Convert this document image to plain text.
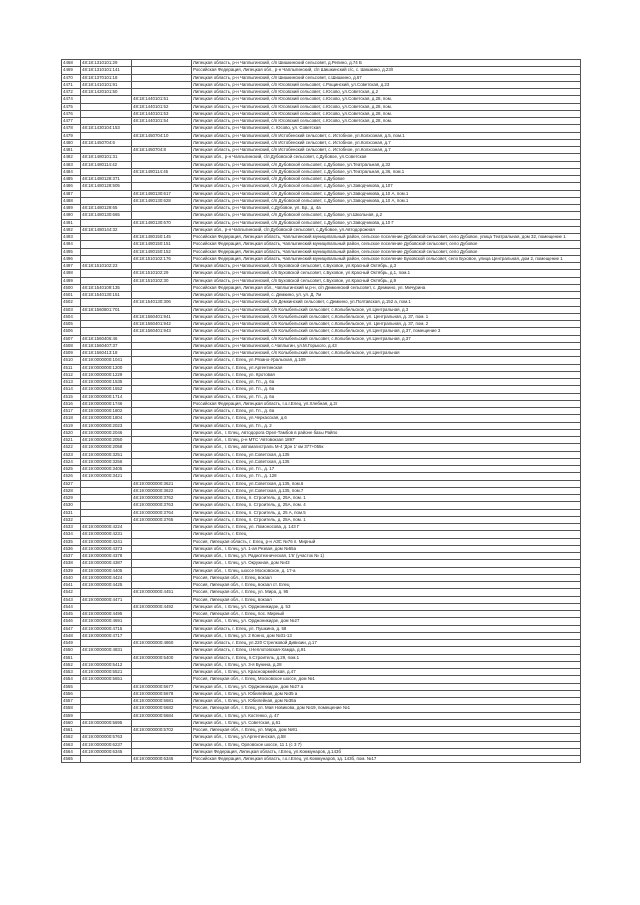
4468	48:18:1310101:29		Липецкая область, р-н Чаплыгинский, с/п Шишкинский сельсовет, д.Репино, д.74 Б
4469	48:18:1310101:141		Российская Федерация, Липецкая обл., р-н Чаплыгинский, с/п Шишкинский с/с, с. Шишкино, д.23/I
4470	48:18:1370101:18		Липецкая область, р-н Чаплыгинский, с/п Шишкинский сельсовет, с.Шишкино, д.67
4471	48:18:1410101:91		Липецкая область, р-н Чаплыгинский, с/п Юсовский сельсовет, с.Рощинский, ул.Советская, д.23
4472	48:18:1420101:50		Липецкая область, р-н Чаплыгинский, с/п Юсовский сельсовет, с.Юсово, ул.Советская, д.2
4474		48:18:1440101:51	Липецкая область, р-н Чаплыгинский, с/п Юсовский сельсовет, с.Юсово, ул.Советская, д.28, пом.
4475		48:18:1440101:52	Липецкая область, р-н Чаплыгинский, с/п Юсовский сельсовет, с.Юсово, ул.Советская, д.28, пом.
4476		48:18:1440101:53	Липецкая область, р-н Чаплыгинский, с/п Юсовский сельсовет, с.Юсово, ул.Советская, д.28, пом.
4477		48:18:1440101:54	Липецкая область, р-н Чаплыгинский, с/п Юсовский сельсовет, с.Юсово, ул.Советская, д.28, пом.
4478	48:18:1430104:153		Липецкая область, р-н Чаплыгинский, с. Юсово, ул. Советская
4479		48:18:1450704:10	Липецкая область, р-н Чаплыгинский, с/п Истобенский сельсовет, с. Истобное, ул.Колхозная, д.5, пом.1
4480	48:18:1450704:6		Липецкая область, р-н Чаплыгинский, с/п Истобенский сельсовет, с. Истобное, ул.Колхозная, д.7
4481		48:18:1450704:8	Липецкая область, р-н Чаплыгинский, с/п Истобенский сельсовет, с. Истобное, ул.Колхозная, д.7
4482	48:18:1480101:31		Липецкая обл., р-н Чаплыгинский, с/п Дубовской сельсовет, с.Дубовое, ул.Советская
4483	48:18:1480114:42		Липецкая область, р-н Чаплыгинский, с/п Дубовской сельсовет, с.Дубовое, ул.Театральная, д.32
4484		48:18:1480114:45	Липецкая область, р-н Чаплыгинский, с/п Дубовской сельсовет, с.Дубовое, ул.Театральная, д.36, пом.1
4485	48:18:1480128:371		Липецкая область, р-н Чаплыгинский, с/п Дубовской сельсовет, с.Дубовое
4486	48:18:1480128:505		Липецкая область, р-н Чаплыгинский, с/п Дубовской сельсовет, с.Дубовое, ул.Заводчикова, д.107
4487		48:18:1480130:617	Липецкая область, р-н Чаплыгинский, с/п Дубовской сельсовет, с.Дубовое, ул.Заводчикова, д.10 А, пом.1
4488		48:18:1480130:628	Липецкая область, р-н Чаплыгинский, с/п Дубовской сельсовет, с.Дубовое, ул.Заводчикова, д.10 А, пом.1
4489	48:18:1480129:65		Липецкая область, р-н Чаплыгинский, с.Дубовое, ул. Бр., д. 4а
4490	48:18:1480130:665		Липецкая область, р-н Чаплыгинский, с/п Дубовской сельсовет, с.Дубовое, ул.Школьная, д.2
4491		48:18:1480130:670	Липецкая область, р-н Чаплыгинский, с/п Дубовской сельсовет, с.Дубовое, ул.Заводчикова, д.10 Г
4492	48:18:1480144:32		Липецкая обл., р-н Чаплыгинский, с/п Дубовской сельсовет, с.Дубовое, ул.Автодорожная
4493		48:18:1480150:145	Российская Федерация, Липецкая область, Чаплыгинский муниципальный район, сельское поселение Дубовской сельсовет, село Дубовое, улица Театральная, дом 32, помещение 1
4494		48:18:1480150:151	Российская Федерация, Липецкая область, Чаплыгинский муниципальный район, сельское поселение Дубовской сельсовет, село Дубовое
4495		48:18:1480150:152	Российская Федерация, Липецкая область, Чаплыгинский муниципальный район, сельское поселение Дубовской сельсовет, село Дубовое
4496		48:18:1510102:176	Российская Федерация, Липецкая область, Чаплыгинский муниципальный район, сельское поселение Буховской сельсовет, село Буховое, улица Центральная, дом 2, помещение 1
4497	48:18:1510102:23		Липецкая область, р-н Чаплыгинский, с/п Буховской сельсовет, с.Буховое, ул.Красный Октябрь, д.3
4498		48:18:1510102:29	Липецкая область, р-н Чаплыгинский, с/п Буховской сельсовет, с.Буховое, ул.Красный Октябрь, д.1, пом.1
4499		48:18:1510102:30	Липецкая область, р-н Чаплыгинский, с/п Буховской сельсовет, с.Буховое, ул.Красный Октябрь, д.9
4500	48:18:1540109:135		Российская Федерация, Липецкая обл., Чаплыгинский м.р-н, с/п Демкинский сельсовет, с. Демкино, ул. Мичурина
4501	48:18:1540130:151		Липецкая область, р-н Чаплыгинский, с. Демкино, ул. ул. Д. 7м
4502		48:18:1540130:306	Липецкая область, р-н Чаплыгинский, с/п Демкинский сельсовет, с.Демкино, ул.Полтавская, д.152 а, пом.1
4503	48:18:1560801:701		Липецкая область, р-н Чаплыгинский, с/п Колыбельский сельсовет, с.Колыбельское, ул.Центральная, д.3
4504		48:18:1560401:941	Липецкая область, р-н Чаплыгинский, с/п Колыбельский сельсовет, с.Колыбельское, ул. Центральная, д. 37, пом. 1
4505		48:18:1560401:942	Липецкая область, р-н Чаплыгинский, с/п Колыбельский сельсовет, с.Колыбельское, ул. Центральная, д. 37, пом. 2
4506		48:18:1560401:943	Липецкая область, р-н Чаплыгинский, с/п Колыбельский сельсовет, с.Колыбельское, ул.Центральная, д.37, помещение 3
4507	48:18:1560406:46		Липецкая область, р-н Чаплыгинский, с/п Колыбельский сельсовет, с.Колыбельское, ул.Центральная, д.37
4508	48:18:1560407:37		Липецкая область, р-н Чаплыгинский, с.Чаплыгин, ул.М.Горького, д.43
4509	48:18:1560413:18		Липецкая область, р-н Чаплыгинский, с/п Колыбельский сельсовет, с.Колыбельское, ул.Центральная
4510	48:19:0000000:1041		Липецкая область, г. Елец, ул.Рязано-Уральская, д.109
4511	48:19:0000000:1200		Липецкая область, г. Елец, ул.Аргентинская
4512	48:19:0000000:1229		Липецкая область, г. Елец, ул. Кротовая
4513	48:19:0000000:1535		Липецкая область, г. Елец, ул. Гл., д. 6а
4514	48:19:0000000:1552		Липецкая область, г. Елец, ул. Гл., д. 6а
4515	48:19:0000000:1714		Липецкая область, г. Елец, ул. Гл., д. 6а
4516	48:19:0000000:1746		Российская Федерация, Липецкая область, г.о.г.Елец, ул.Хлебная, д.2г
4517	48:19:0000000:1802		Липецкая область, г. Елец, ул. Гл., д. 6а
4518	48:19:0000000:1804		Липецкая область, г. Елец, ул.Черкасская, д.6
4519	48:19:0000000:2023		Липецкая область, г. Елец, ул. Гл., д. 2
4520	48:19:0000000:2046		Липецкая обл., г. Елец, Автодорога Орел-Тамбов в районе базы Райпо
4521	48:19:0000000:2050		Липецкая обл., г. Елец, р-н МТС 'Автовокзал 1897'
4522	48:19:0000000:2058		Липецкая обл., г. Елец, автомагистраль М-4 'Дон 1' км 377+055к
4523	48:19:0000000:3251		Липецкая область, г. Елец, ул.Советская, д.135
4524	48:19:0000000:3256		Липецкая область, г. Елец, ул.Советская, д.135
4525	48:19:0000000:3405		Липецкая область, г. Елец, ул. Гл., д. 17
4526	48:19:0000000:3421		Липецкая область, г. Елец, ул. Гл., д. 128
4527		48:19:0000000:3621	Липецкая область, г. Елец, ул.Советская, д.135, пом.6
4528		48:19:0000000:3622	Липецкая область, г. Елец, ул.Советская, д.135, пом.7
4529		48:19:0000000:3762	Липецкая область, г. Елец, п. Строитель, д. 25А, пом. 1
4530		48:19:0000000:3763	Липецкая область, г. Елец, п. Строитель, д. 25А, пом. 4
4531		48:19:0000000:3764	Липецкая область, г. Елец, п. Строитель, д. 25 А, пом.5
4532		48:19:0000000:3765	Липецкая область, г. Елец, п. Строитель, д. 25А, пом. 1
4533	48:19:0000000:4224		Липецкая область, г. Елец, ул. Ломоносова, д. 143 Г
4534	48:19:0000000:4231		Липецкая область, г. Елец
4535	48:19:0000000:4241		Россия, Липецкая область, г. Елец, р-н АЗС №76 п. Мирный
4536	48:19:0000000:4373		Липецкая обл., г. Елец, ул. 1-ая Резвая, дом №55а
4537	48:19:0000000:4378		Липецкая обл., г. Елец, ул. Радиотехническая, 1'в' (участок № 1)
4538	48:19:0000000:4387		Липецкая обл., г. Елец, ул. Окружная, дом №43
4539	48:19:0000000:4405		Липецкая обл., г. Елец, шоссе Московское, д. 17-а
4540	48:19:0000000:4424		Россия, Липецкая обл., г. Елец, вокзал
4541	48:19:0000000:4425		Россия, Липецкая обл., г. Елец, вокзал ст. Елец
4542		48:19:0000000:4451	Россия, Липецкая обл., г. Елец, ул. Мира, д. 95
4543	48:19:0000000:4471		Россия, Липецкая обл., г. Елец, вокзал
4544		48:19:0000000:4492	Липецкая обл., г. Елец, ул. Орджоникидзе, д. 53
4545	48:19:0000000:4495		Россия, Липецкая обл., г. Елец, пос. Мирный
4546	48:19:0000000:4691		Липецкая обл., г. Елец, ул. Орджоникидзе, дом №27
4547	48:19:0000000:4715		Липецкая область, г. Елец, ул. Пушкина, д. 58
4548	48:19:0000000:4717		Липецкая обл., г. Елец, ул. 2 Конно, дом №31-13
4549		48:19:0000000:4860	Липецкая область, г. Елец, ул.220 Стрелковой Дивизии, д.17
4550	48:19:0000000:4831		Липецкая область, г. Елец, г.Неплотовская-Хамда, д.91
4551		48:19:0000000:5400	Липецкая область, г. Елец, п.Строитель, д.29, пом.1
4552	48:19:0000000:5412		Липецкая обл., г. Елец, ул. 3-я Бунина, д.28
4553	48:19:0000000:5521		Липецкая обл., г. Елец, ул. Красноармейская, д.47
4554	48:19:0000000:5651		Россия, Липецкая обл., г. Елец, Московское шоссе, дом №1
4555		48:19:0000000:5677	Липецкая обл., г. Елец, ул. Орджоникидзе, дом №27 а
4556		48:19:0000000:5678	Липецкая обл., г. Елец, ул. Юбилейная, дом №35 а
4557		48:19:0000000:5681	Липецкая обл., г. Елец, ул. Юбилейная, дом №35а
4558		48:19:0000000:5682	Россия, Липецкая обл., г. Елец, ул. Мая Новикова, дом №19, помещение №1
4559		48:19:0000000:5684	Липецкая обл., г. Елец, ул. Костенко, д. 47
4560	48:19:0000000:5695		Липецкая обл., г. Елец, ул. Советская, д.61
4561		48:19:0000000:5702	Россия, Липецкая обл., г. Елец, ул. Мира, дом №91
4562	48:19:0000000:5763		Липецкая обл., г. Елец, ул.Аргентинская, д.58
4563	48:19:0000000:6237		Липецкая обл., г. Елец, Орловское шоссе, 11 1 (с 3 7)
4564	48:19:0000000:6345		Липецкая Федерация, Липецкая область, г.Елец, ул.Коммунаров, д.143б
4565		48:19:0000000:6346	Российская Федерация, Липецкая область, г.о.г.Елец, ул.Коммунаров, зд. 143б, пом. №17
